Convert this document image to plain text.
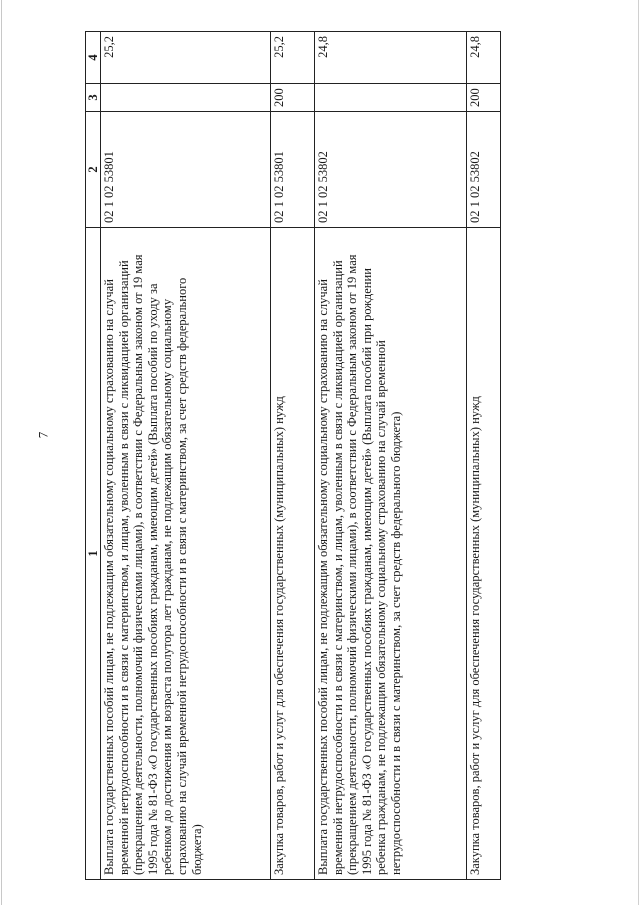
7
1	2	3	4
Выплата государственных пособий лицам, не подлежащим обязательному социальному страхованию на случай временной нетрудоспособности и в связи с материнством, и лицам, уволенным в связи с ликвидацией организаций (прекращением деятельности, полномочий физическими лицами), в соответствии с Федеральным законом от 19 мая 1995 года № 81-ФЗ «О государственных пособиях гражданам, имеющим детей» (Выплата пособий по уходу за ребенком до достижения им возраста полутора лет гражданам, не подлежащим обязательному социальному страхованию на случай временной нетрудоспособности и в связи с материнством, за счет средств федерального бюджета)	02 1 02 53801		25,2
Закупка товаров, работ и услуг для обеспечения государственных (муниципальных) нужд	02 1 02 53801	200	25,2
Выплата государственных пособий лицам, не подлежащим обязательному социальному страхованию на случай временной нетрудоспособности и в связи с материнством, и лицам, уволенным в связи с ликвидацией организаций (прекращением деятельности, полномочий физическими лицами), в соответствии с Федеральным законом от 19 мая 1995 года № 81-ФЗ «О государственных пособиях гражданам, имеющим детей» (Выплата пособий при рождении ребенка гражданам, не подлежащим обязательному социальному страхованию на случай временной нетрудоспособности и в связи с материнством, за счет средств федерального бюджета)	02 1 02 53802		24,8
Закупка товаров, работ и услуг для обеспечения государственных (муниципальных) нужд	02 1 02 53802	200	24,8
